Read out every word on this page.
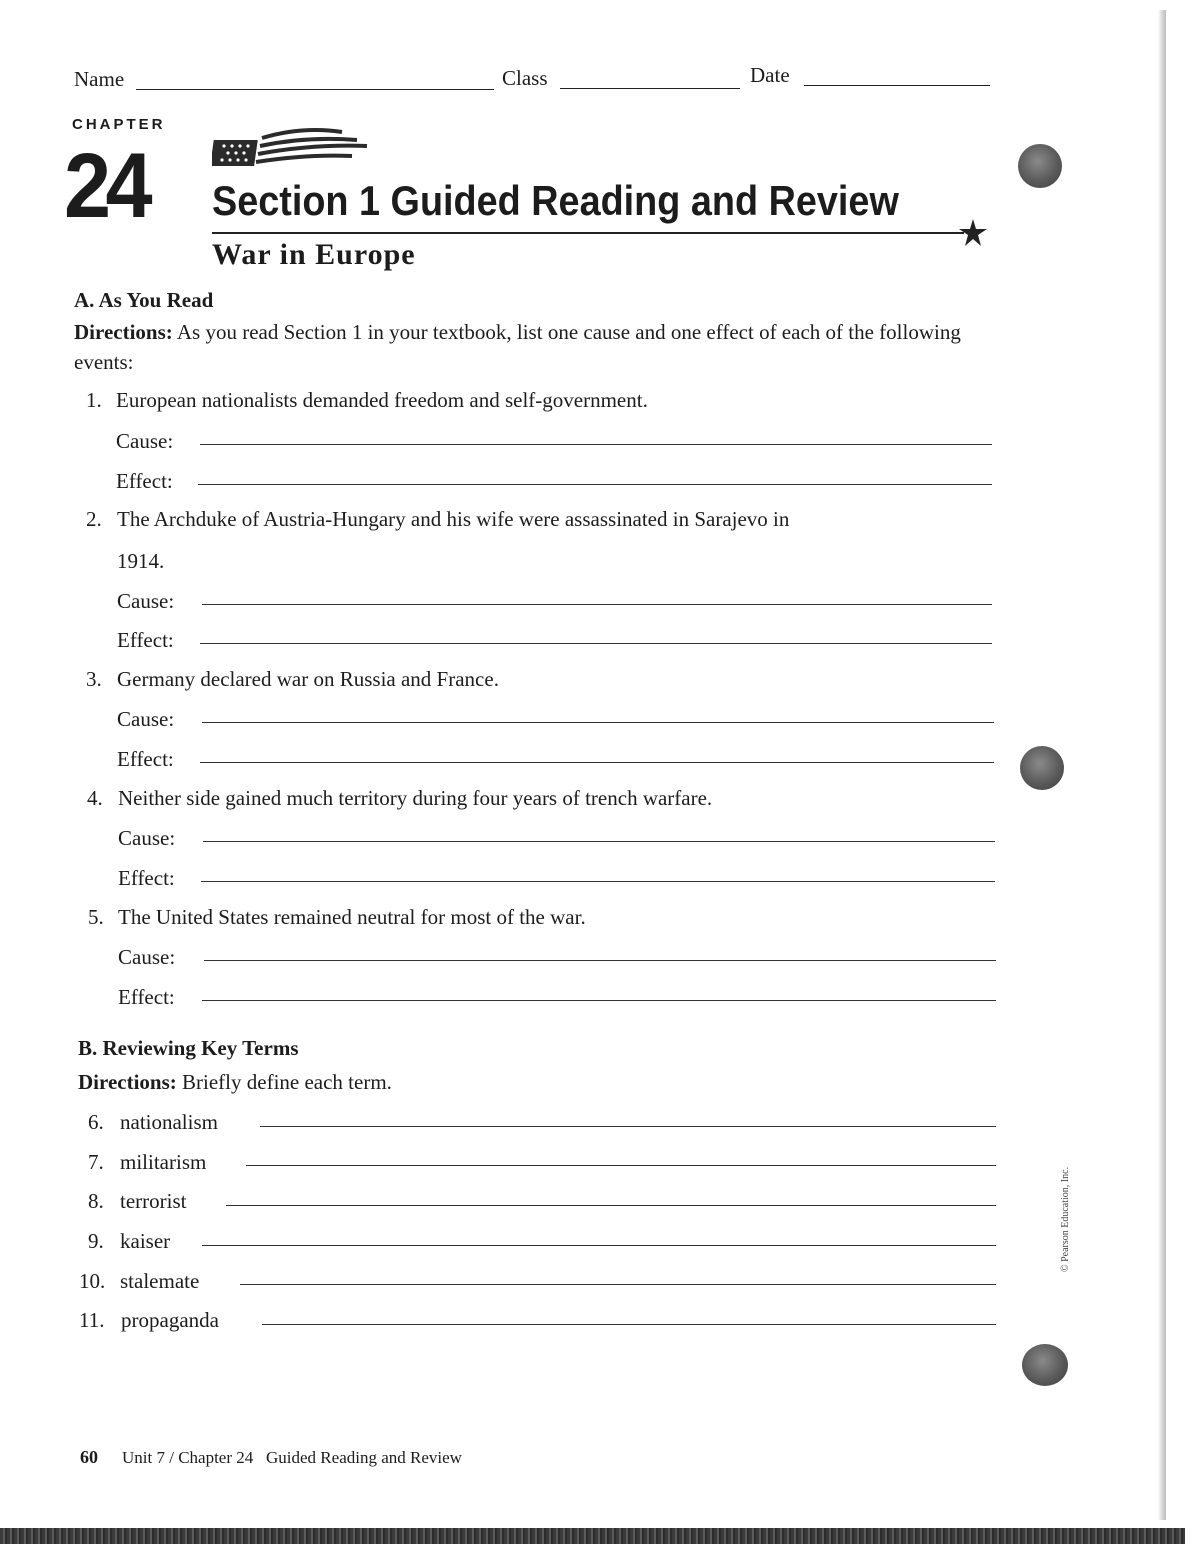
Name	Class	Date
CHAPTER
24 Section 1 Guided Reading and Review
War in Europe
A. As You Read
Directions: As you read Section 1 in your textbook, list one cause and one effect of each of the following events:
1. European nationalists demanded freedom and self-government.
Cause:
Effect:
2. The Archduke of Austria-Hungary and his wife were assassinated in Sarajevo in
1914.
Cause:
Effect:
3. Germany declared war on Russia and France.
Cause:
Effect:
4. Neither side gained much territory during four years of trench warfare.
Cause:
Effect:
5. The United States remained neutral for most of the war.
Cause:
Effect:
B. Reviewing Key Terms
Directions: Briefly define each term.
6. nationalism
7. militarism
8. terrorist
9. kaiser
10. stalemate
11. propaganda
© Pearson Education, Inc.
60 Unit 7 / Chapter 24   Guided Reading and Review
